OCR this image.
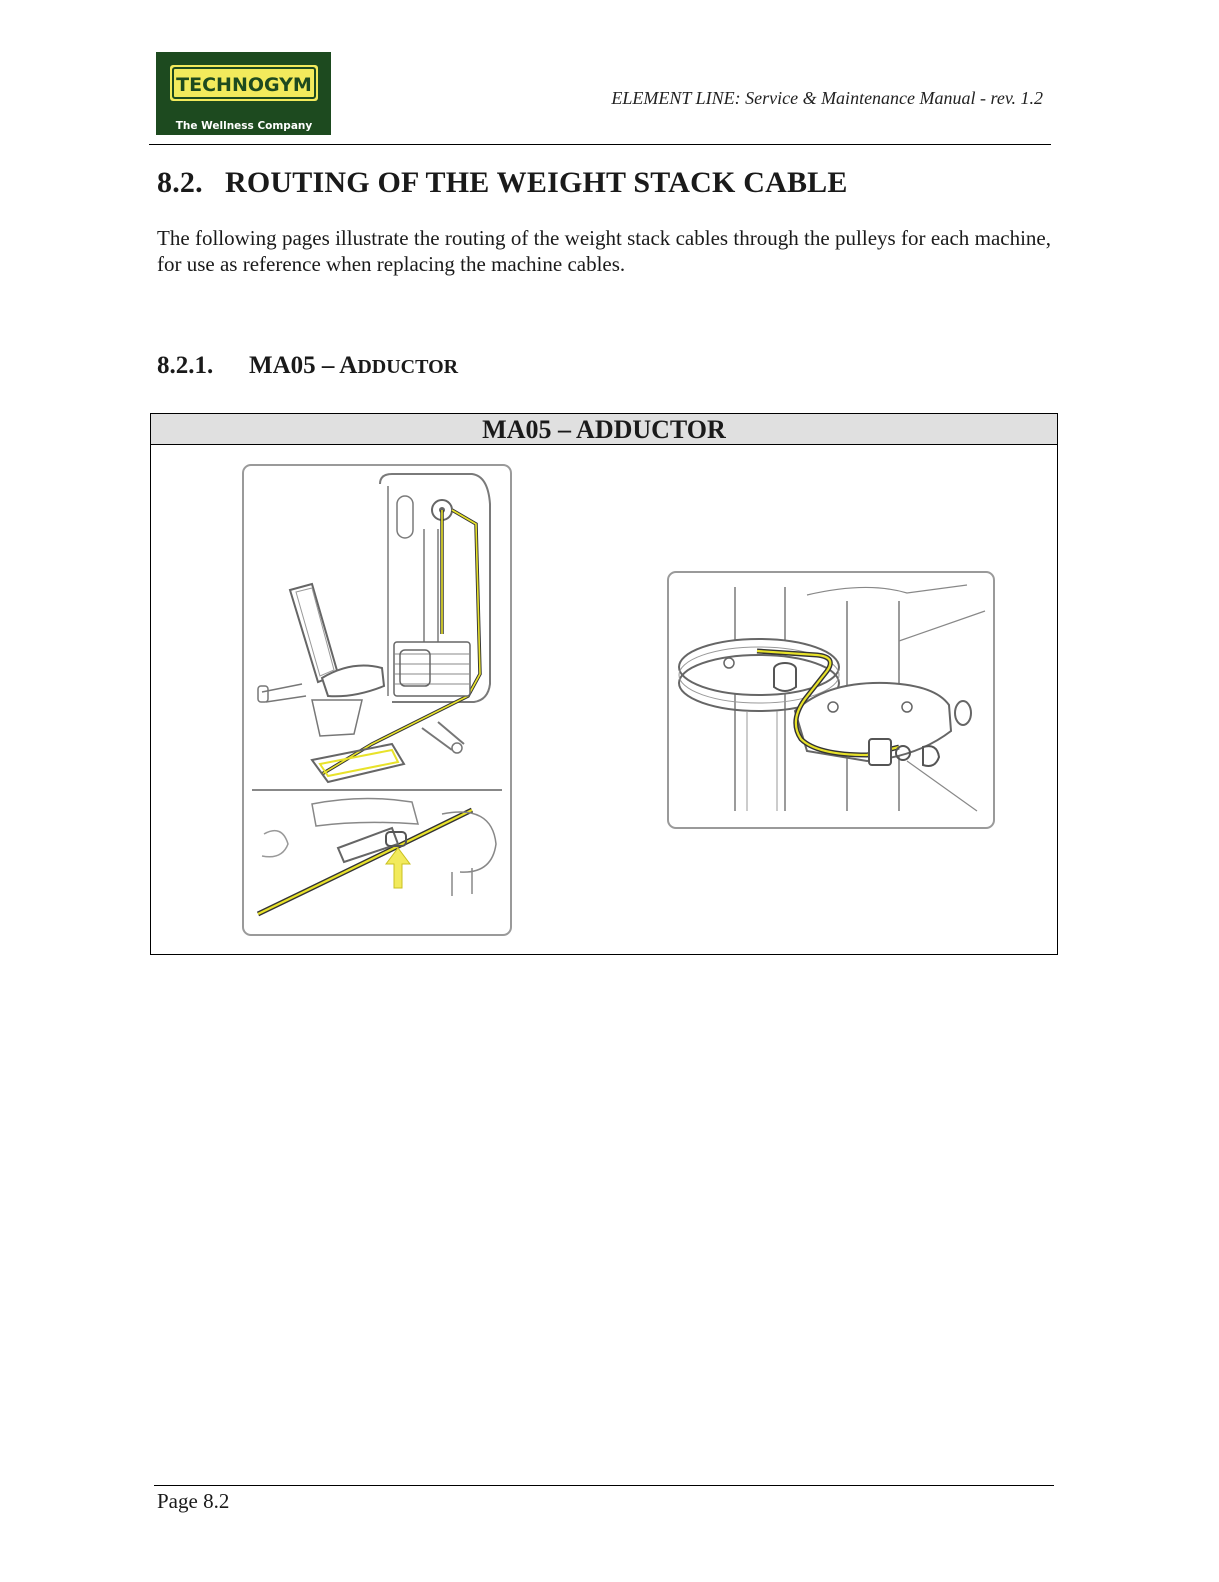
TECHNOGYM
The Wellness Company
ELEMENT LINE: Service & Maintenance Manual - rev. 1.2
8.2. ROUTING OF THE WEIGHT STACK CABLE

The following pages illustrate the routing of the weight stack cables through the pulleys for each machine, for use as reference when replacing the machine cables.

8.2.1. MA05 – ADDUCTOR
MA05 – ADDUCTOR
Page 8.2
